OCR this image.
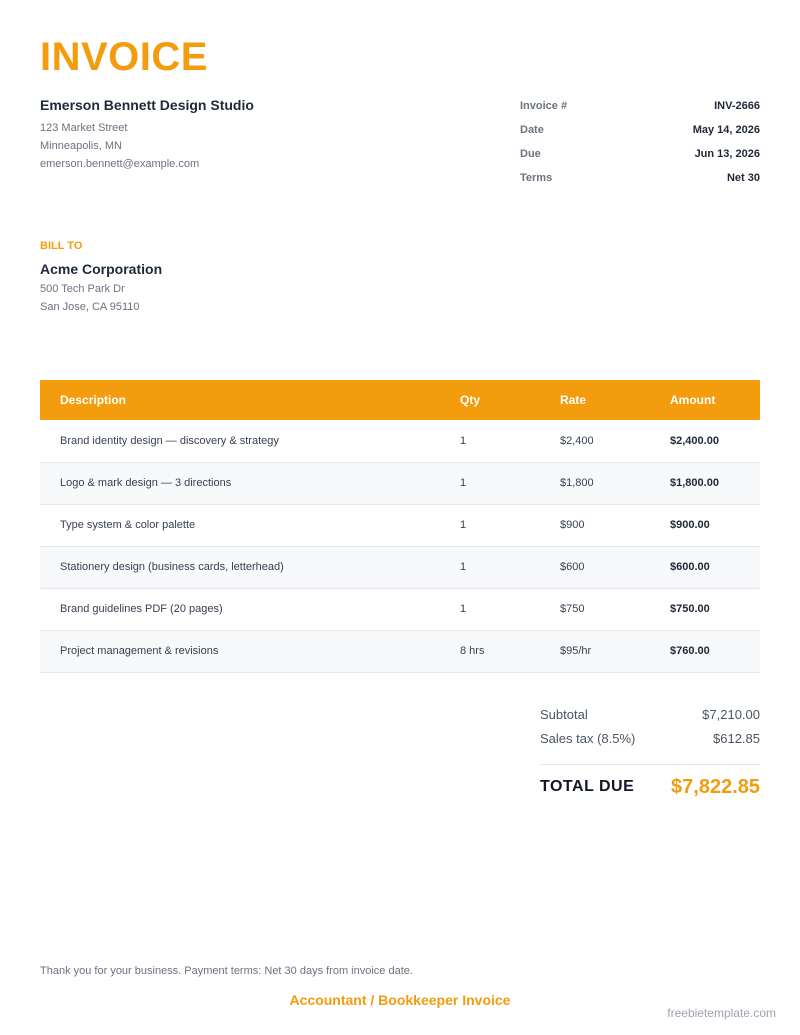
INVOICE
Emerson Bennett Design Studio
123 Market Street
Minneapolis, MN
emerson.bennett@example.com
Invoice #	INV-2666
Date	May 14, 2026
Due	Jun 13, 2026
Terms	Net 30
BILL TO
Acme Corporation
500 Tech Park Dr
San Jose, CA 95110
Description	Qty	Rate	Amount
Brand identity design — discovery & strategy	1	$2,400	$2,400.00
Logo & mark design — 3 directions	1	$1,800	$1,800.00
Type system & color palette	1	$900	$900.00
Stationery design (business cards, letterhead)	1	$600	$600.00
Brand guidelines PDF (20 pages)	1	$750	$750.00
Project management & revisions	8 hrs	$95/hr	$760.00
Subtotal	$7,210.00
Sales tax (8.5%)	$612.85
TOTAL DUE $7,822.85
Thank you for your business. Payment terms: Net 30 days from invoice date.
Accountant / Bookkeeper Invoice
freebietemplate.com
